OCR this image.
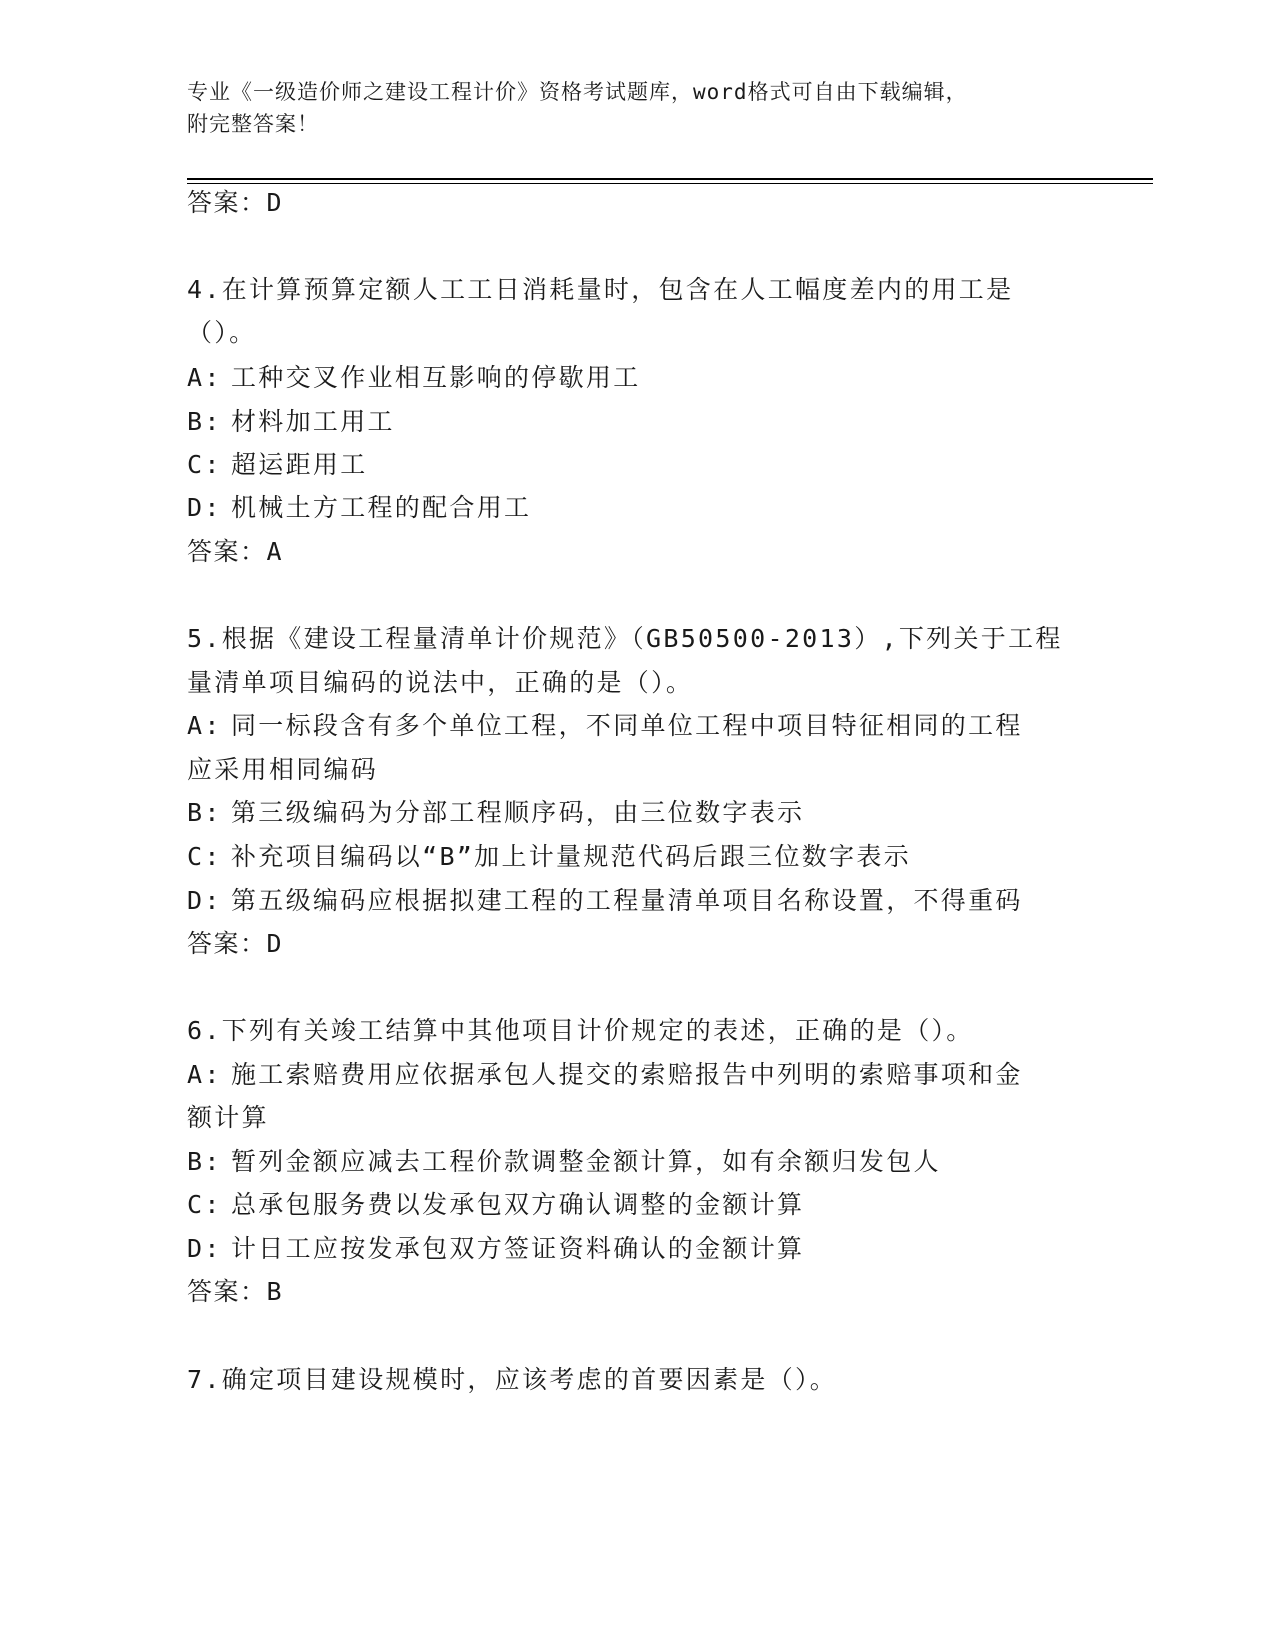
专业《一级造价师之建设工程计价》资格考试题库，word格式可自由下载编辑，
附完整答案！
答案：D
4.在计算预算定额人工工日消耗量时，包含在人工幅度差内的用工是
（）。
A: 工种交叉作业相互影响的停歇用工
B: 材料加工用工
C: 超运距用工
D: 机械土方工程的配合用工
答案：A
5.根据《建设工程量清单计价规范》（GB50500-2013）,下列关于工程
量清单项目编码的说法中，正确的是（）。
A: 同一标段含有多个单位工程，不同单位工程中项目特征相同的工程
应采用相同编码
B: 第三级编码为分部工程顺序码，由三位数字表示
C: 补充项目编码以“B”加上计量规范代码后跟三位数字表示
D: 第五级编码应根据拟建工程的工程量清单项目名称设置，不得重码
答案：D
6.下列有关竣工结算中其他项目计价规定的表述，正确的是（）。
A: 施工索赔费用应依据承包人提交的索赔报告中列明的索赔事项和金
额计算
B: 暂列金额应减去工程价款调整金额计算，如有余额归发包人
C: 总承包服务费以发承包双方确认调整的金额计算
D: 计日工应按发承包双方签证资料确认的金额计算
答案：B
7.确定项目建设规模时，应该考虑的首要因素是（）。
